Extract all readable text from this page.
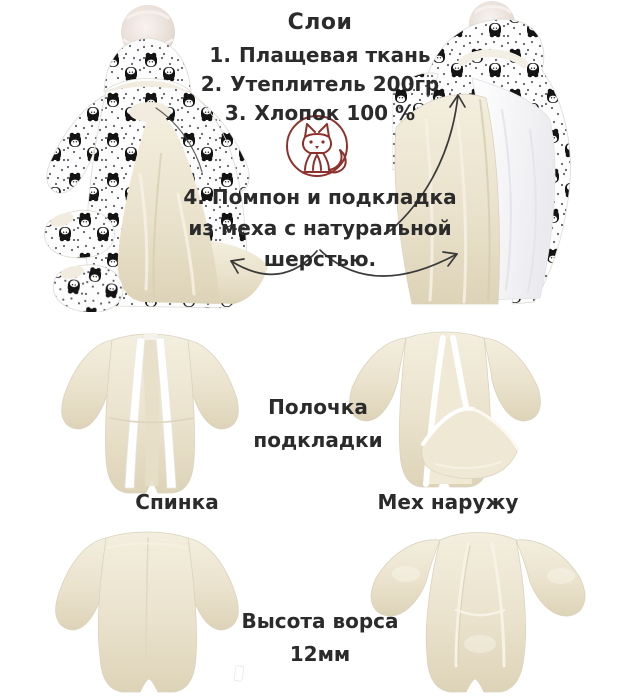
Слои
1. Плащевая ткань
2. Утеплитель 200гр
3. Хлопок 100 %
4. Помпон и подкладка
из меха с натуральной
шерстью.
Полочка
подкладки
Спинка	Мех наружу
Высота ворса
12мм
